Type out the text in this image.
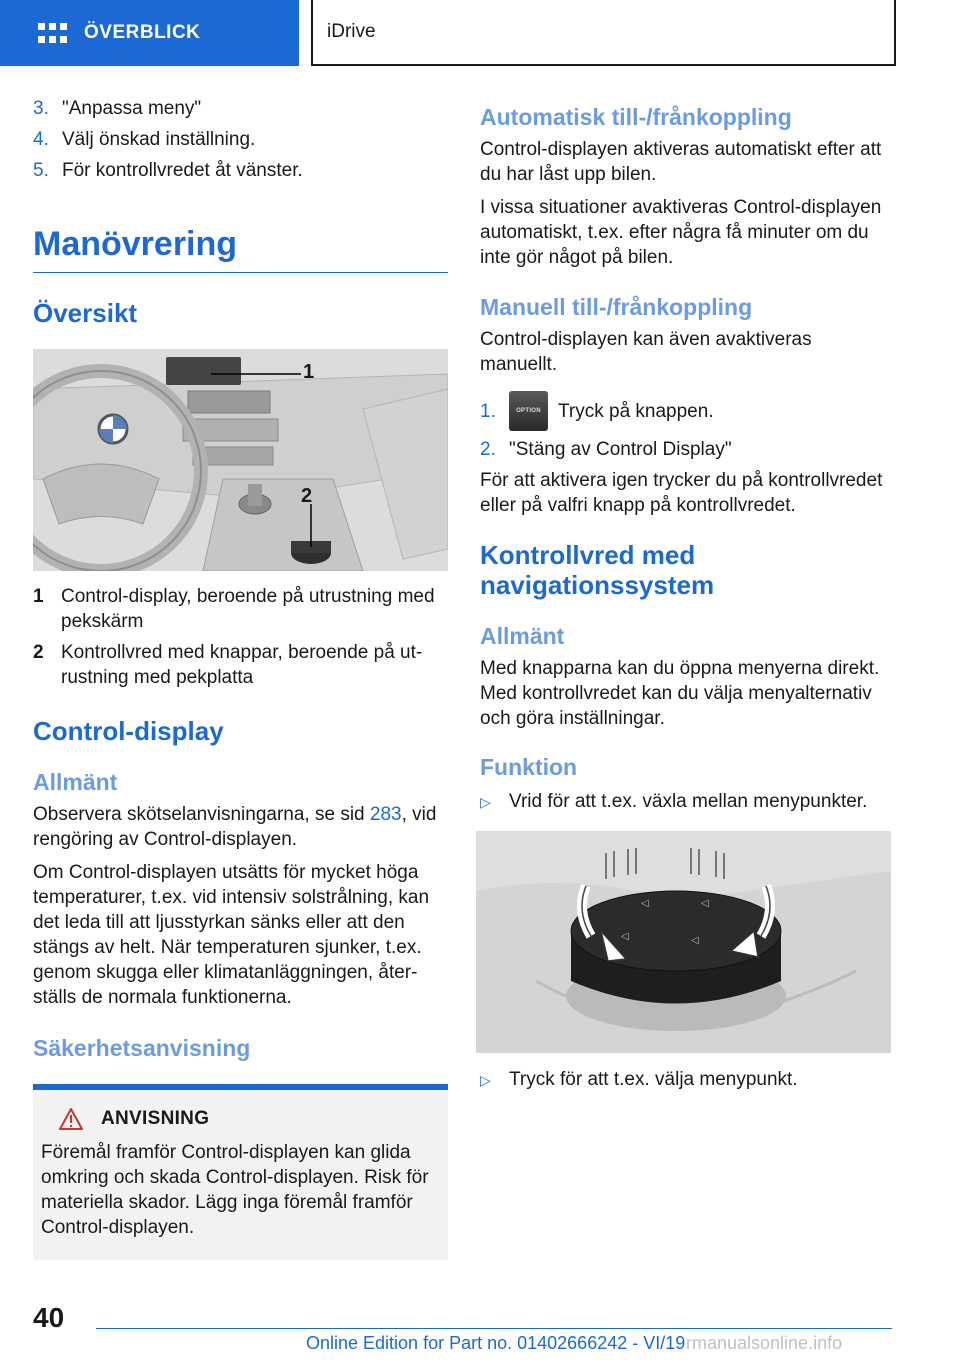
ÖVERBLICK	iDrive
3. "Anpassa meny"
4. Välj önskad inställning.
5. För kontrollvredet åt vänster.
Manövrering
Översikt
1
2
1 Control-display, beroende på utrustning med pekskärm
2 Kontrollvred med knappar, beroende på ut-rustning med pekplatta
Control-display
Allmänt

Observera skötselanvisningarna, se sid 283, vid rengöring av Control-displayen.

Om Control-displayen utsätts för mycket höga temperaturer, t.ex. vid intensiv solstrålning, kan det leda till att ljusstyrkan sänks eller att den stängs av helt. När temperaturen sjunker, t.ex. genom skugga eller klimatanläggningen, åter-ställs de normala funktionerna.

Säkerhetsanvisning
ANVISNING
Föremål framför Control-displayen kan glida omkring och skada Control-displayen. Risk för materiella skador. Lägg inga föremål framför Control-displayen.
Automatisk till-/frånkoppling

Control-displayen aktiveras automatiskt efter att du har låst upp bilen.

I vissa situationer avaktiveras Control-displayen automatiskt, t.ex. efter några få minuter om du inte gör något på bilen.

Manuell till-/frånkoppling

Control-displayen kan även avaktiveras manuellt.

1.	OPTION Tryck på knappen.
2. "Stäng av Control Display"

För att aktivera igen trycker du på kontrollvredet eller på valfri knapp på kontrollvredet.

Kontrollvred med navigationssystem
Allmänt

Med knapparna kan du öppna menyerna direkt. Med kontrollvredet kan du välja menyalternativ och göra inställningar.

Funktion
▷ Vrid för att t.ex. växla mellan menypunkter.
◁	◁
◁	◁
▷ Tryck för att t.ex. välja menypunkt.
40
Online Edition for Part no. 01402666242 - VI/19 rmanualsonline.info
